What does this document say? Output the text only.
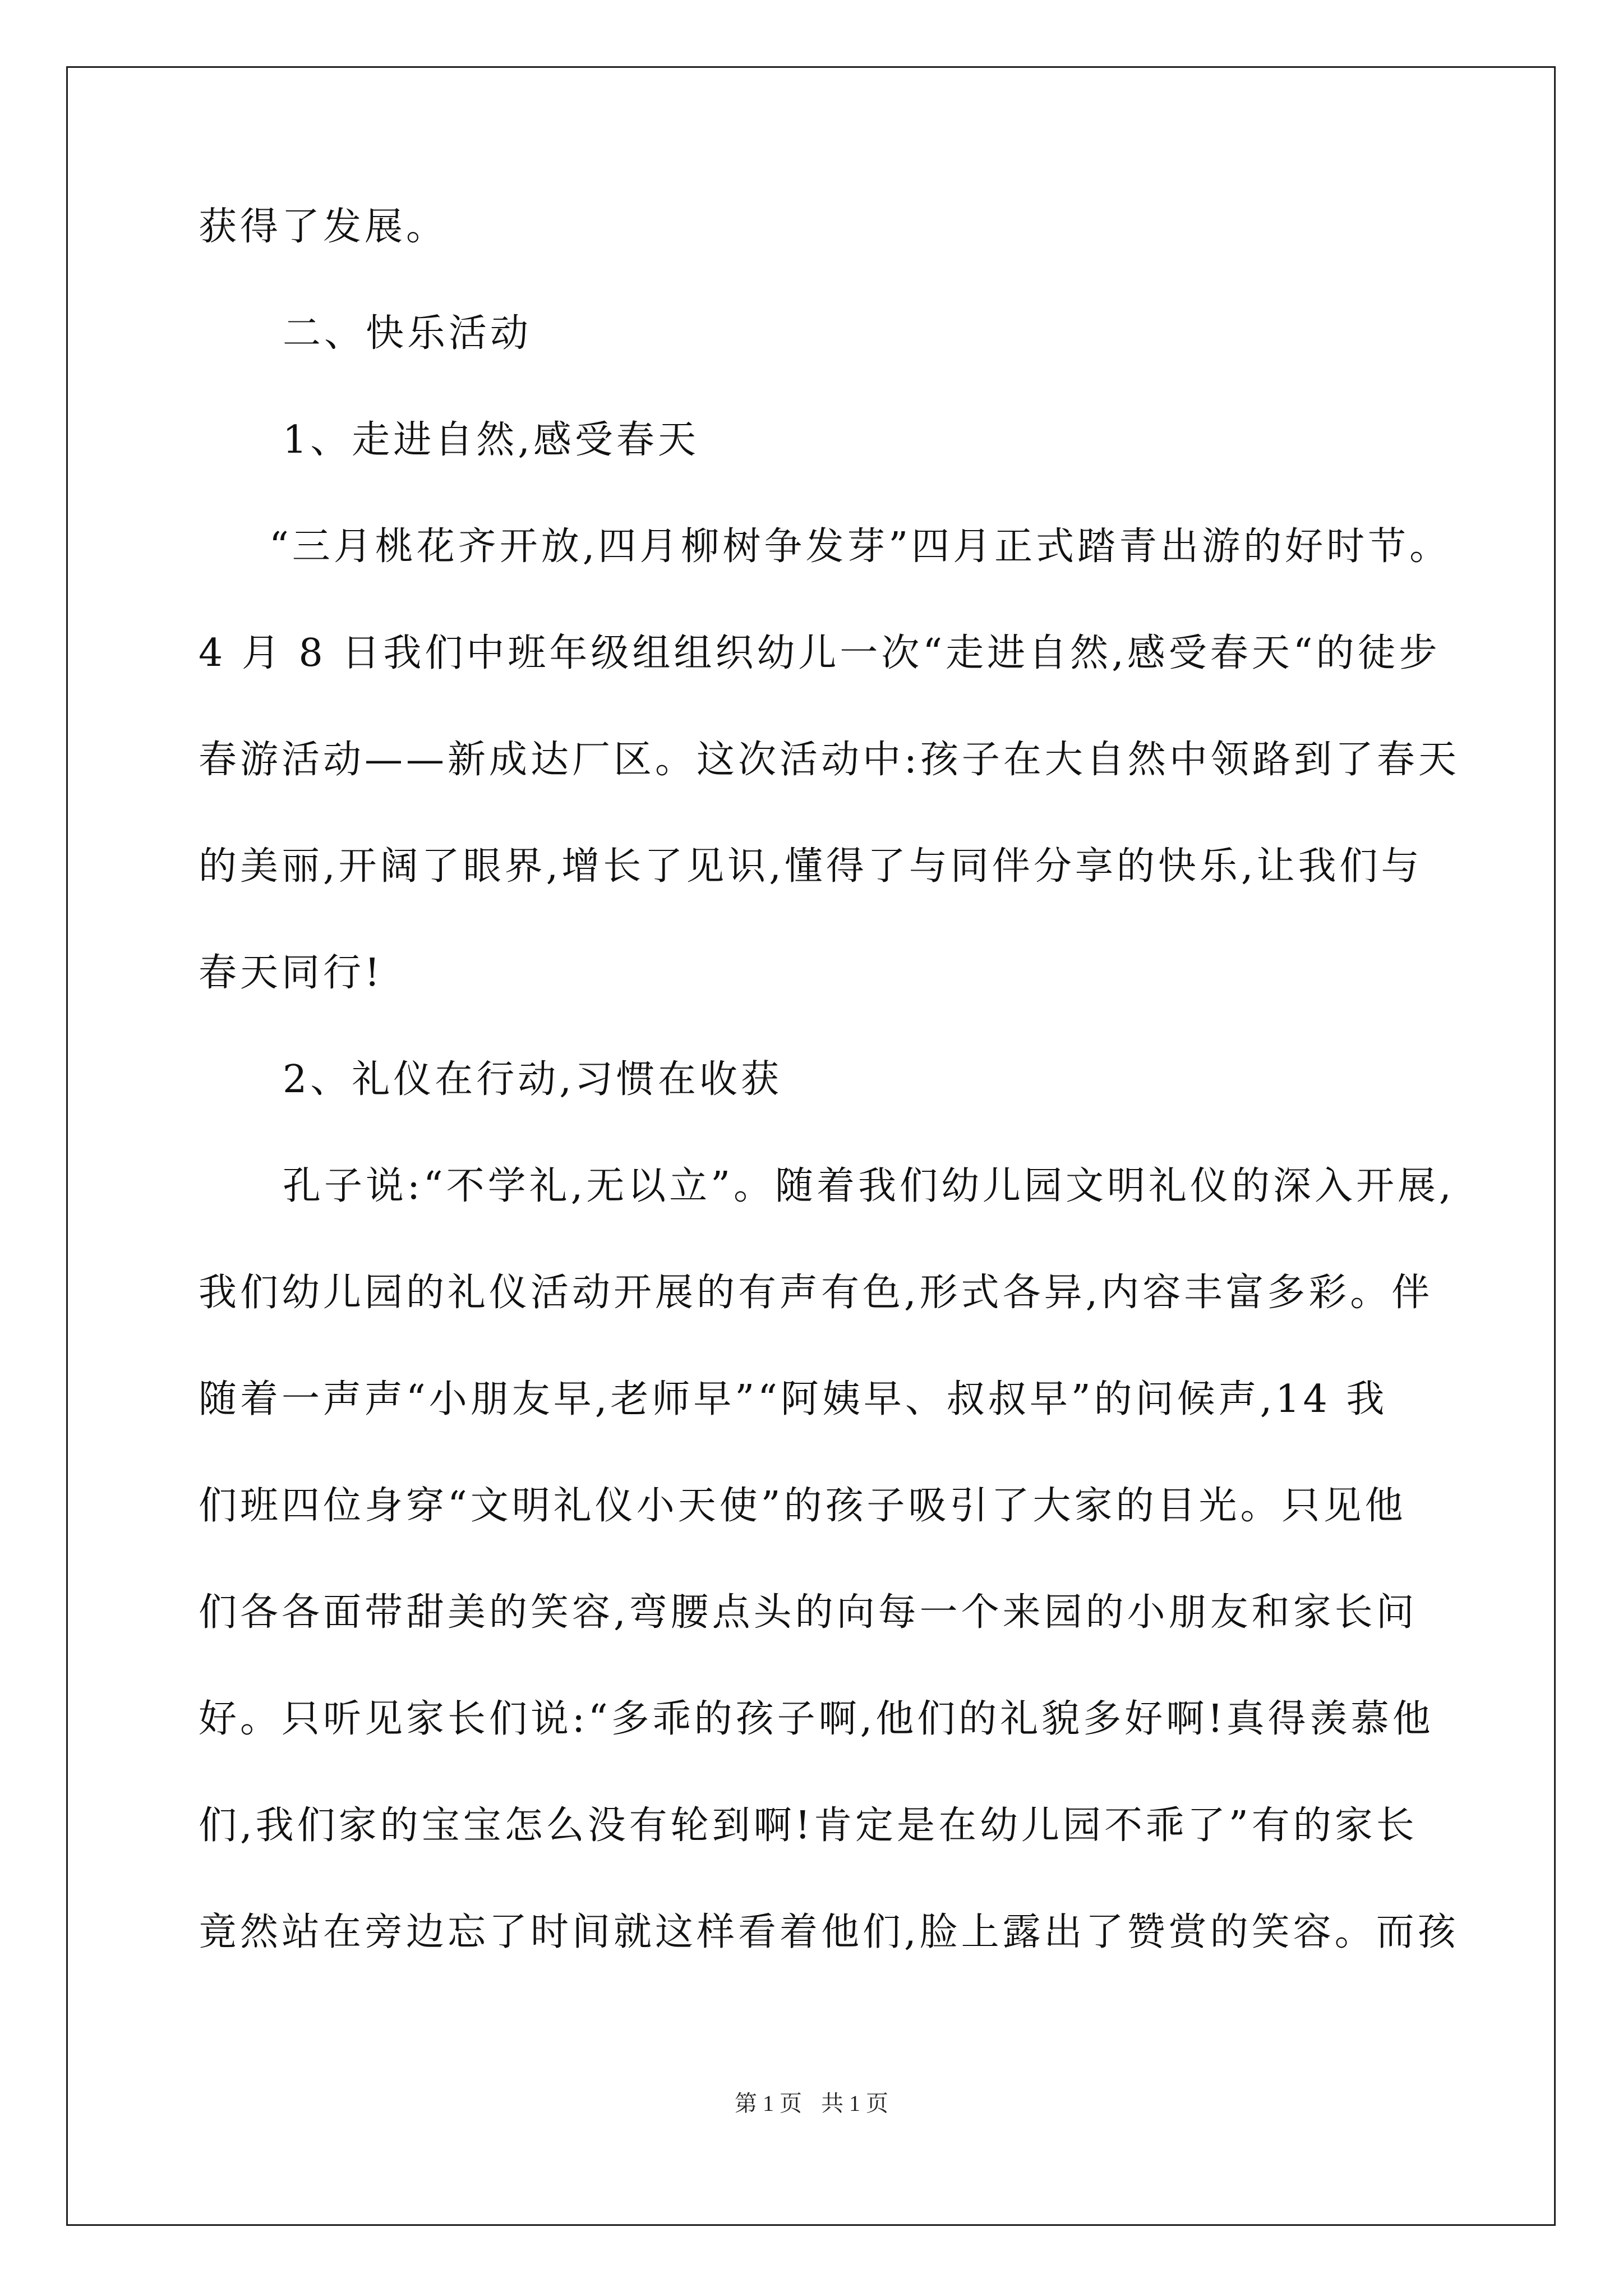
获得了发展。
二、快乐活动
1、走进自然,感受春天
“三月桃花齐开放,四月柳树争发芽”四月正式踏青出游的好时节。
4 月 8 日我们中班年级组组织幼儿一次“走进自然,感受春天“的徒步
春游活动——新成达厂区。这次活动中:孩子在大自然中领路到了春天
的美丽,开阔了眼界,增长了见识,懂得了与同伴分享的快乐,让我们与
春天同行!
2、礼仪在行动,习惯在收获
孔子说:“不学礼,无以立”。随着我们幼儿园文明礼仪的深入开展,
我们幼儿园的礼仪活动开展的有声有色,形式各异,内容丰富多彩。伴
随着一声声“小朋友早,老师早”“阿姨早、叔叔早”的问候声,14 我
们班四位身穿“文明礼仪小天使”的孩子吸引了大家的目光。只见他
们各各面带甜美的笑容,弯腰点头的向每一个来园的小朋友和家长问
好。只听见家长们说:“多乖的孩子啊,他们的礼貌多好啊!真得羡慕他
们,我们家的宝宝怎么没有轮到啊!肯定是在幼儿园不乖了”有的家长
竟然站在旁边忘了时间就这样看着他们,脸上露出了赞赏的笑容。而孩
第 1 页 共 1 页
